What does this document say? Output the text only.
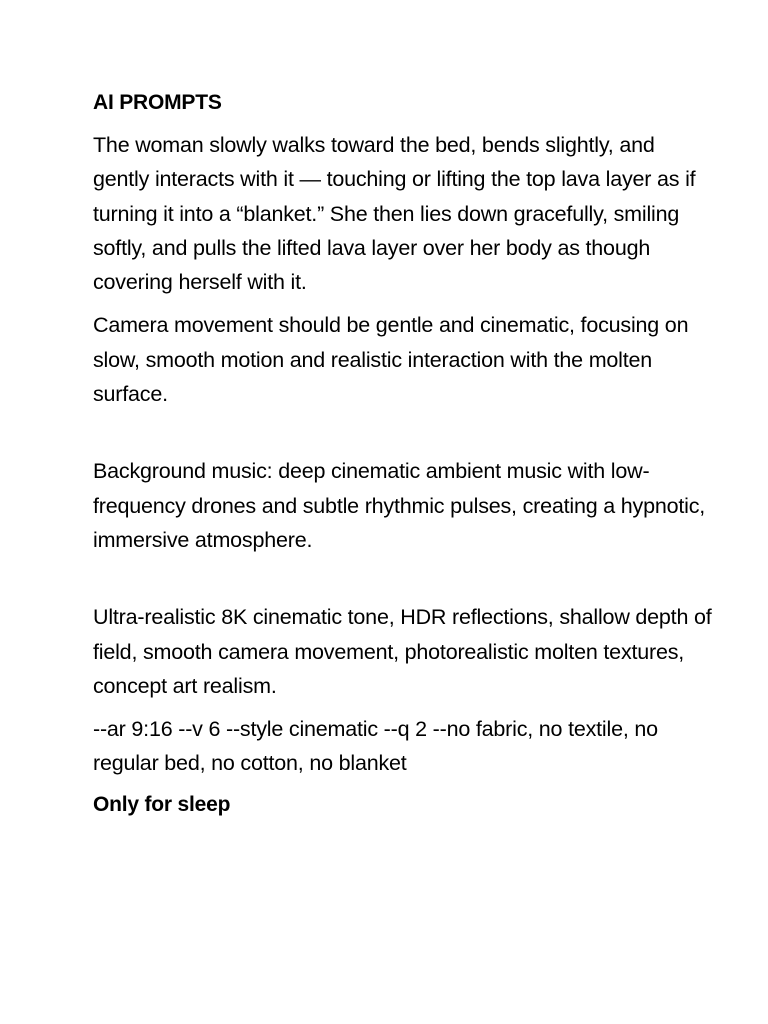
AI PROMPTS

The woman slowly walks toward the bed, bends slightly, and gently interacts with it — touching or lifting the top lava layer as if turning it into a “blanket.” She then lies down gracefully, smiling softly, and pulls the lifted lava layer over her body as though covering herself with it.

Camera movement should be gentle and cinematic, focusing on slow, smooth motion and realistic interaction with the molten surface.

Background music: deep cinematic ambient music with low-frequency drones and subtle rhythmic pulses, creating a hypnotic, immersive atmosphere.

Ultra-realistic 8K cinematic tone, HDR reflections, shallow depth of field, smooth camera movement, photorealistic molten textures, concept art realism.

--ar 9:16 --v 6 --style cinematic --q 2 --no fabric, no textile, no regular bed, no cotton, no blanket

Only for sleep
